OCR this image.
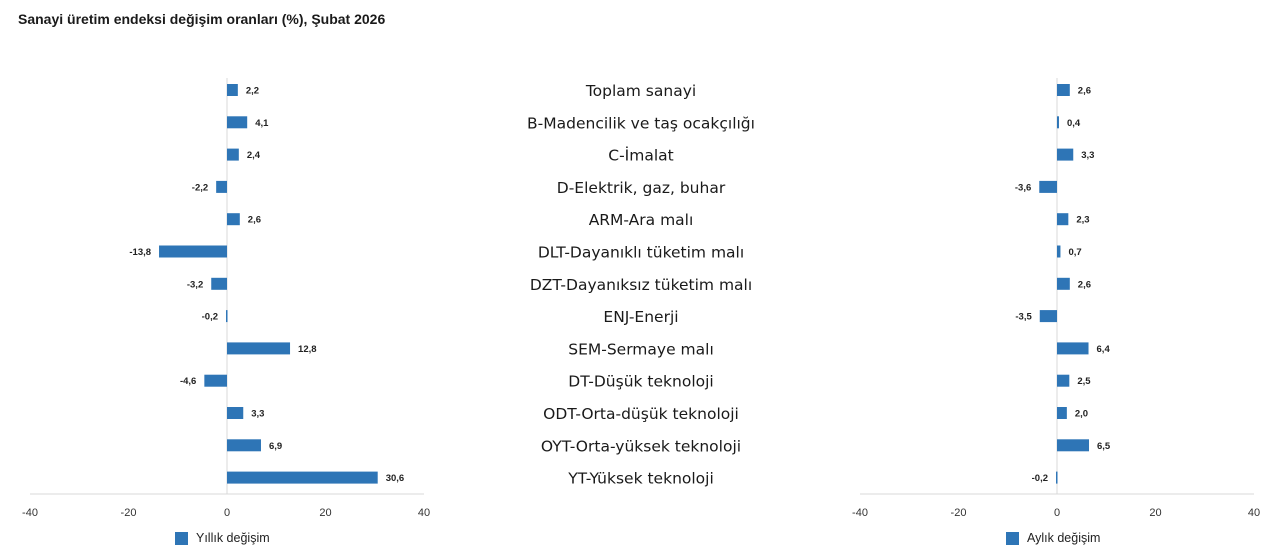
Sanayi üretim endeksi değişim oranları (%), Şubat 2026
-40	-20	0	20	40
2,2
4,1
2,4
-2,2
2,6
-13,8
-3,2
-0,2
12,8
-4,6
3,3
6,9
30,6
Toplam sanayi
B-Madencilik ve taş ocakçılığı
C-İmalat
D-Elektrik, gaz, buhar
ARM-Ara malı
DLT-Dayanıklı tüketim malı
DZT-Dayanıksız tüketim malı
ENJ-Enerji
SEM-Sermaye malı
DT-Düşük teknoloji
ODT-Orta-düşük teknoloji
OYT-Orta-yüksek teknoloji
YT-Yüksek teknoloji
-40	-20	0	20	40
2,6
0,4
3,3
-3,6
2,3
0,7
2,6
-3,5
6,4
2,5
2,0
6,5
-0,2
Yıllık değişim	Aylık değişim
